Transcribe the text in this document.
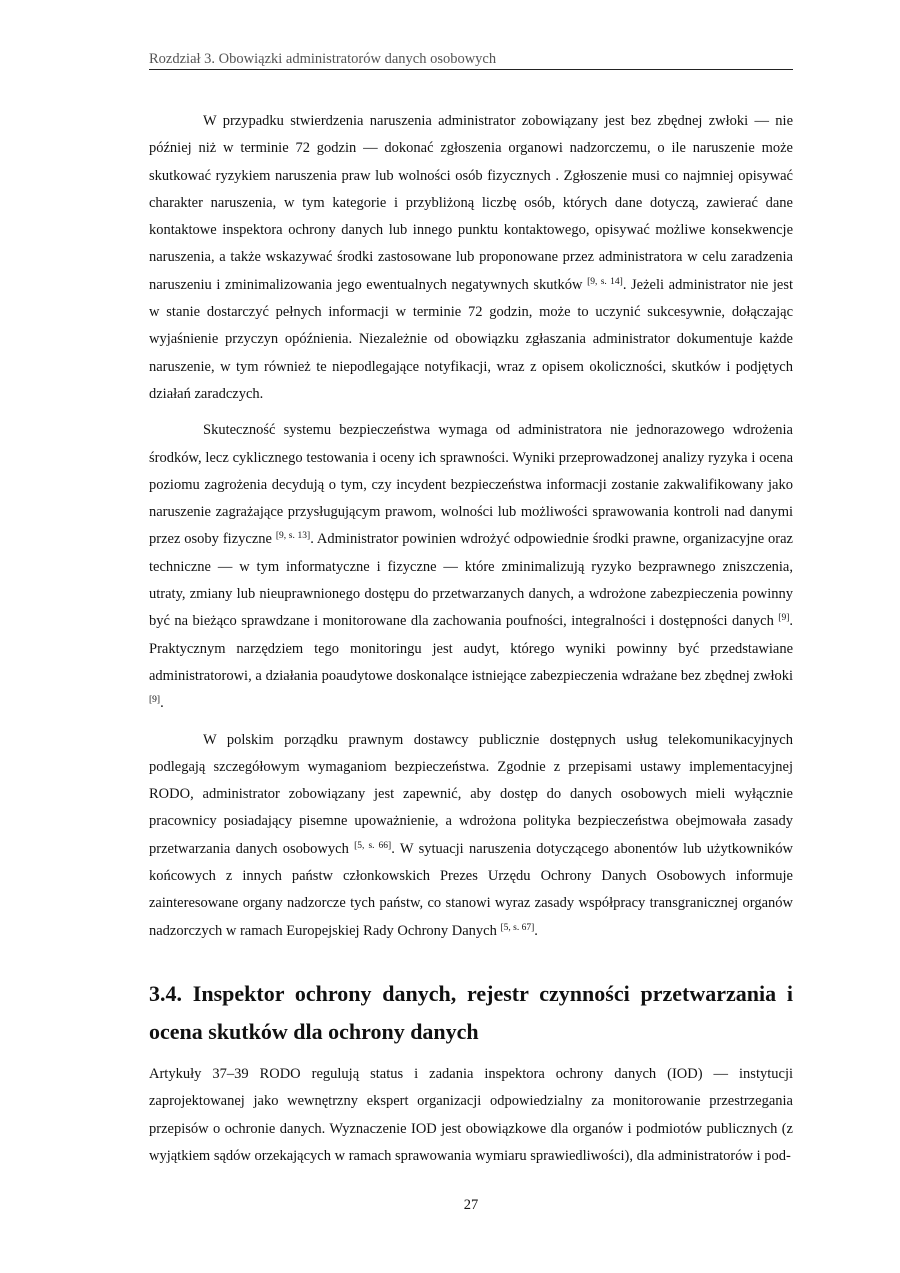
Rozdział 3. Obowiązki administratorów danych osobowych

W przypadku stwierdzenia naruszenia administrator zobowiązany jest bez zbędnej zwłoki — nie później niż w terminie 72 godzin — dokonać zgłoszenia organowi nadzorczemu, o ile naruszenie może skutkować ryzykiem naruszenia praw lub wolności osób fizycznych . Zgłoszenie musi co najmniej opisywać charakter naruszenia, w tym kategorie i przybliżoną liczbę osób, których dane dotyczą, zawierać dane kontaktowe inspektora ochrony danych lub innego punktu kontaktowego, opisywać możliwe konsekwencje naruszenia, a także wskazywać środki zastosowane lub proponowane przez administratora w celu zaradzenia naruszeniu i zminimalizowania jego ewentualnych negatywnych skutków [9, s. 14]. Jeżeli administrator nie jest w stanie dostarczyć pełnych informacji w terminie 72 godzin, może to uczynić sukcesywnie, dołączając wyjaśnienie przyczyn opóźnienia. Niezależnie od obowiązku zgłaszania administrator dokumentuje każde naruszenie, w tym również te niepodlegające notyfikacji, wraz z opisem okoliczności, skutków i podjętych działań zaradczych.

Skuteczność systemu bezpieczeństwa wymaga od administratora nie jednorazowego wdrożenia środków, lecz cyklicznego testowania i oceny ich sprawności. Wyniki przeprowadzonej analizy ryzyka i ocena poziomu zagrożenia decydują o tym, czy incydent bezpieczeństwa informacji zostanie zakwalifikowany jako naruszenie zagrażające przysługującym prawom, wolności lub możliwości sprawowania kontroli nad danymi przez osoby fizyczne [9, s. 13]. Administrator powinien wdrożyć odpowiednie środki prawne, organizacyjne oraz techniczne — w tym informatyczne i fizyczne — które zminimalizują ryzyko bezprawnego zniszczenia, utraty, zmiany lub nieuprawnionego dostępu do przetwarzanych danych, a wdrożone zabezpieczenia powinny być na bieżąco sprawdzane i monitorowane dla zachowania poufności, integralności i dostępności danych [9]. Praktycznym narzędziem tego monitoringu jest audyt, którego wyniki powinny być przedstawiane administratorowi, a działania poaudytowe doskonalące istniejące zabezpieczenia wdrażane bez zbędnej zwłoki [9].

W polskim porządku prawnym dostawcy publicznie dostępnych usług telekomunikacyjnych podlegają szczegółowym wymaganiom bezpieczeństwa. Zgodnie z przepisami ustawy implementacyjnej RODO, administrator zobowiązany jest zapewnić, aby dostęp do danych osobowych mieli wyłącznie pracownicy posiadający pisemne upoważnienie, a wdrożona polityka bezpieczeństwa obejmowała zasady przetwarzania danych osobowych [5, s. 66]. W sytuacji naruszenia dotyczącego abonentów lub użytkowników końcowych z innych państw członkowskich Prezes Urzędu Ochrony Danych Osobowych informuje zainteresowane organy nadzorcze tych państw, co stanowi wyraz zasady współpracy transgranicznej organów nadzorczych w ramach Europejskiej Rady Ochrony Danych [5, s. 67].

3.4. Inspektor ochrony danych, rejestr czynności przetwarzania i ocena skutków dla ochrony danych

Artykuły 37–39 RODO regulują status i zadania inspektora ochrony danych (IOD) — instytucji zaprojektowanej jako wewnętrzny ekspert organizacji odpowiedzialny za monitorowanie przestrzegania przepisów o ochronie danych. Wyznaczenie IOD jest obowiązkowe dla organów i podmiotów publicznych (z wyjątkiem sądów orzekających w ramach sprawowania wymiaru sprawiedliwości), dla administratorów i pod-

27
